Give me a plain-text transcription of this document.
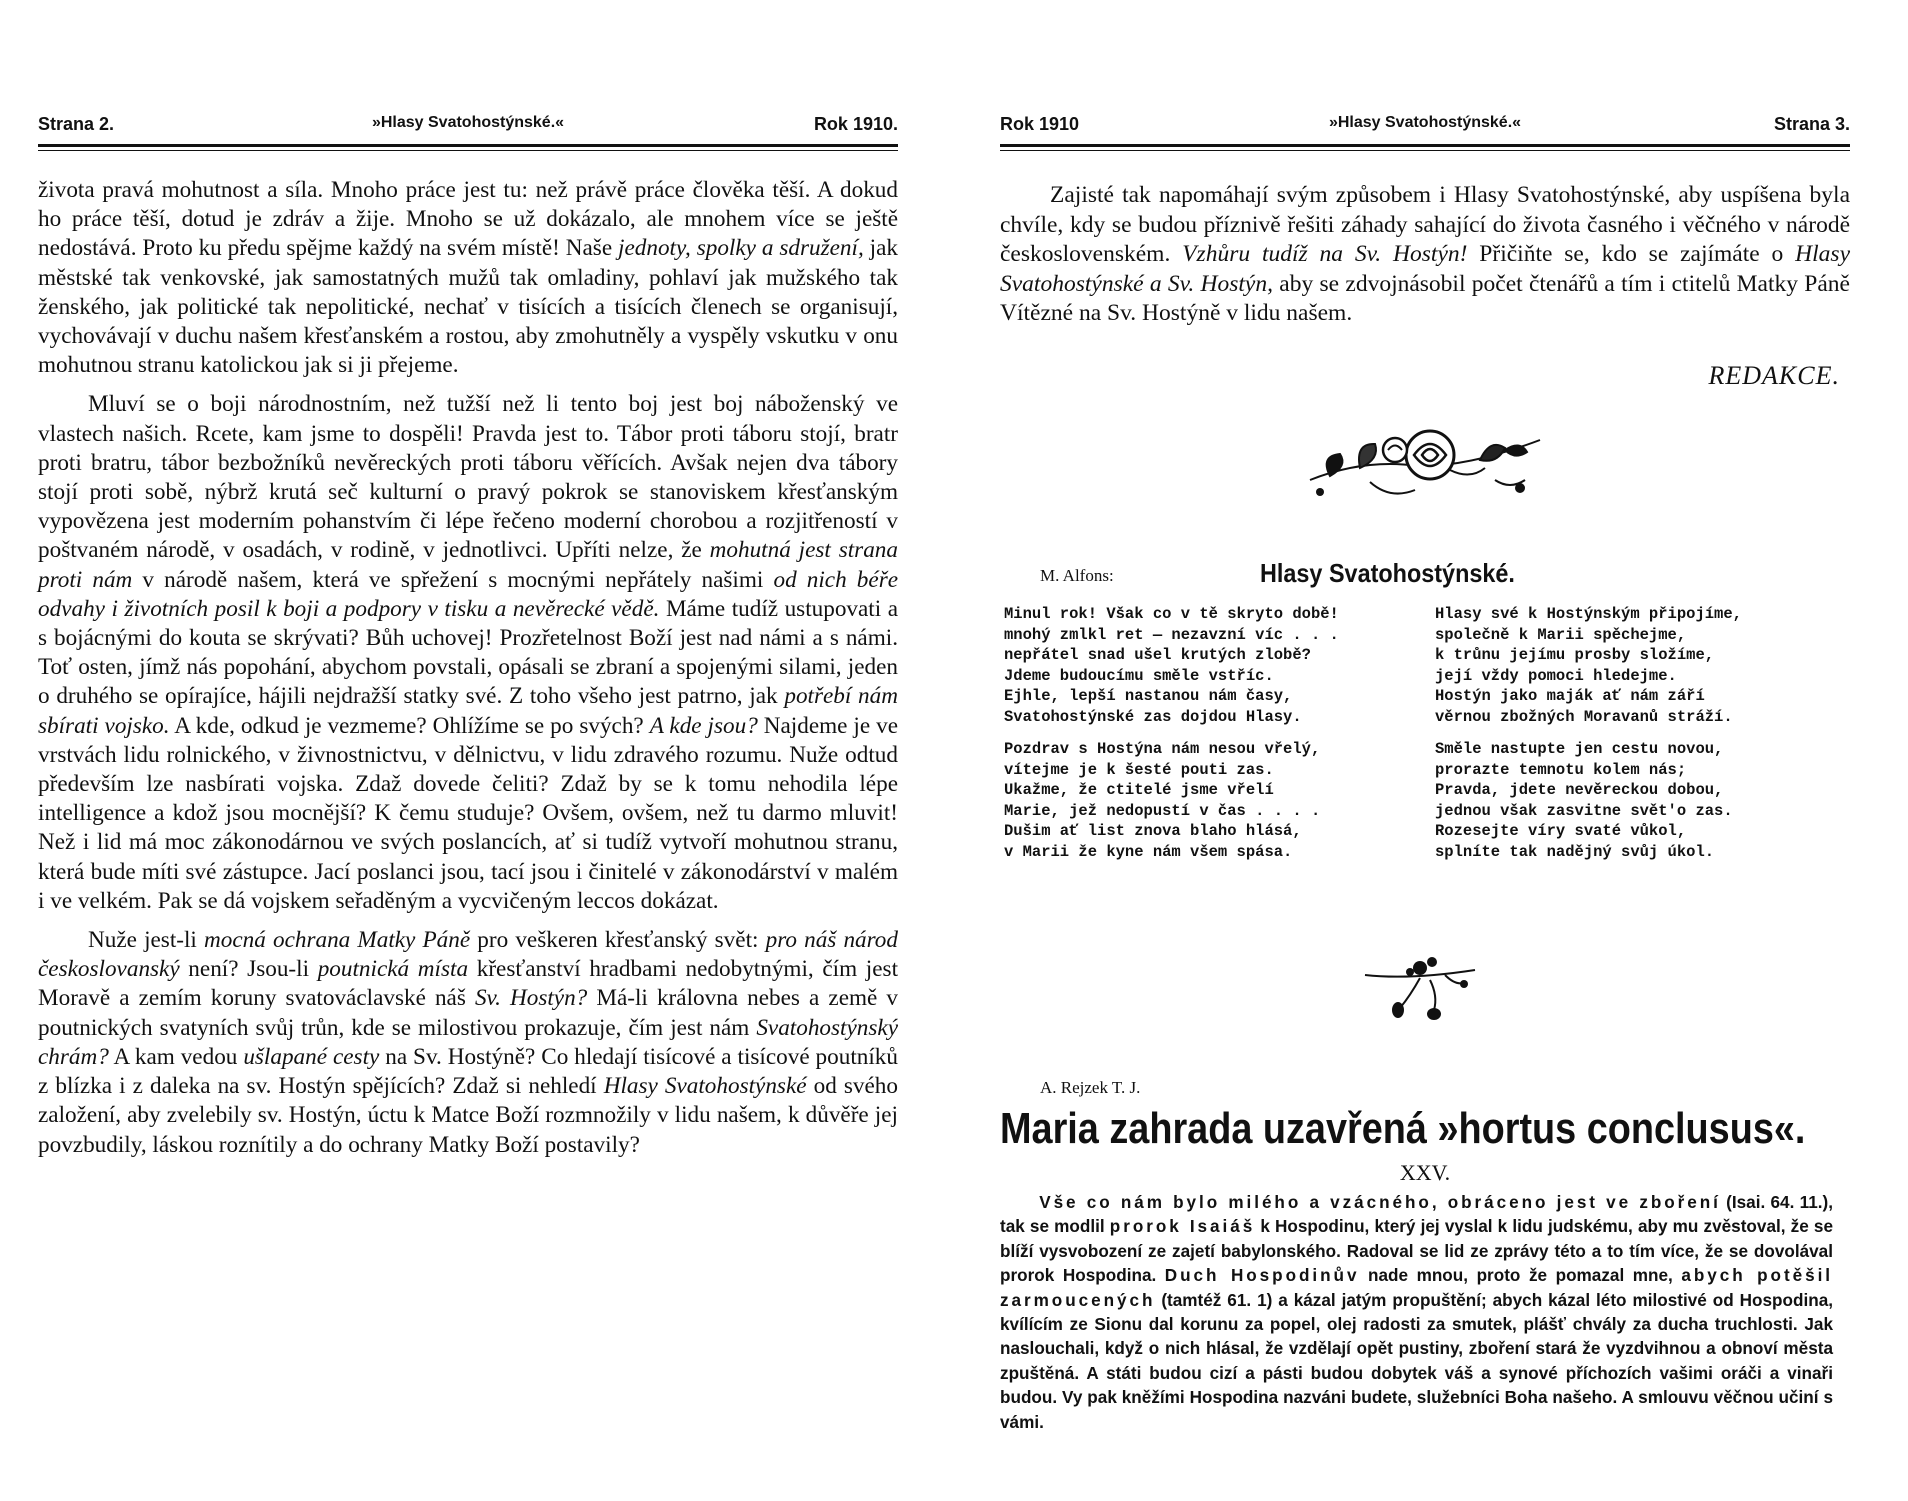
Strana 2.	»Hlasy Svatohostýnské.«	Rok 1910.

života pravá mohutnost a síla. Mnoho práce jest tu: než právě práce člověka těší. A dokud ho práce těší, dotud je zdráv a žije. Mnoho se už dokázalo, ale mnohem více se ještě nedostává. Proto ku předu spějme každý na svém místě! Naše jednoty, spolky a sdružení, jak městské tak venkovské, jak samostatných mužů tak omladiny, pohlaví jak mužského tak ženského, jak politické tak nepolitické, nechať v tisících a tisících členech se organisují, vychovávají v duchu našem křesťanském a rostou, aby zmohutněly a vyspěly vskutku v onu mohutnou stranu katolickou jak si ji přejeme.

Mluví se o boji národnostním, než tužší než li tento boj jest boj náboženský ve vlastech našich. Rcete, kam jsme to dospěli! Pravda jest to. Tábor proti táboru stojí, bratr proti bratru, tábor bezbožníků nevěreckých proti táboru věřících. Avšak nejen dva tábory stojí proti sobě, nýbrž krutá seč kulturní o pravý pokrok se stanoviskem křesťanským vypovězena jest moderním pohanstvím či lépe řečeno moderní chorobou a rozjitřeností v poštvaném národě, v osadách, v rodině, v jednotlivci. Upříti nelze, že mohutná jest strana proti nám v národě našem, která ve spřežení s mocnými nepřátely našimi od nich béře odvahy i životních posil k boji a podpory v tisku a nevěrecké vědě. Máme tudíž ustupovati a s bojácnými do kouta se skrývati? Bůh uchovej! Prozřetelnost Boží jest nad námi a s námi. Toť osten, jímž nás popohání, abychom povstali, opásali se zbraní a spojenými silami, jeden o druhého se opírajíce, hájili nejdražší statky své. Z toho všeho jest patrno, jak potřebí nám sbírati vojsko. A kde, odkud je vezmeme? Ohlížíme se po svých? A kde jsou? Najdeme je ve vrstvách lidu rolnického, v živnostnictvu, v dělnictvu, v lidu zdravého rozumu. Nuže odtud především lze nasbírati vojska. Zdaž dovede čeliti? Zdaž by se k tomu nehodila lépe intelligence a kdož jsou mocnější? K čemu studuje? Ovšem, ovšem, než tu darmo mluvit! Než i lid má moc zákonodárnou ve svých poslancích, ať si tudíž vytvoří mohutnou stranu, která bude míti své zástupce. Jací poslanci jsou, tací jsou i činitelé v zákonodárství v malém i ve velkém. Pak se dá vojskem seřaděným a vycvičeným leccos dokázat.

Nuže jest-li mocná ochrana Matky Páně pro veškeren křesťanský svět: pro náš národ českoslovanský není? Jsou-li poutnická místa křesťanství hradbami nedobytnými, čím jest Moravě a zemím koruny svatováclavské náš Sv. Hostýn? Má-li královna nebes a země v poutnických svatyních svůj trůn, kde se milostivou prokazuje, čím jest nám Svatohostýnský chrám? A kam vedou ušlapané cesty na Sv. Hostýně? Co hledají tisícové a tisícové poutníků z blízka i z daleka na sv. Hostýn spějících? Zdaž si nehledí Hlasy Svatohostýnské od svého založení, aby zvelebily sv. Hostýn, úctu k Matce Boží rozmnožily v lidu našem, k důvěře jej povzbudily, láskou roznítily a do ochrany Matky Boží postavily?

Rok 1910	»Hlasy Svatohostýnské.«	Strana 3.

Zajisté tak napomáhají svým způsobem i Hlasy Svatohostýnské, aby uspíšena byla chvíle, kdy se budou příznivě řešiti záhady sahající do života časného i věčného v národě československém. Vzhůru tudíž na Sv. Hostýn! Přičiňte se, kdo se zajímáte o Hlasy Svatohostýnské a Sv. Hostýn, aby se zdvojnásobil počet čtenářů a tím i ctitelů Matky Páně Vítězné na Sv. Hostýně v lidu našem.

REDAKCE.
M. Alfons:	Hlasy Svatohostýnské.
Minul rok! Však co v tě skryto době!
mnohý zmlkl ret — nezavzní víc . . .
nepřátel snad ušel krutých zlobě?
Jdeme budoucímu směle vstříc.
Ejhle, lepší nastanou nám časy,
Svatohostýnské zas dojdou Hlasy.
Pozdrav s Hostýna nám nesou vřelý,
vítejme je k šesté pouti zas.
Ukažme, že ctitelé jsme vřelí
Marie, jež nedopustí v čas . . . .
Dušim ať list znova blaho hlásá,
v Marii že kyne nám všem spása.
Hlasy své k Hostýnským připojíme,
společně k Marii spěchejme,
k trůnu jejímu prosby složíme,
její vždy pomoci hledejme.
Hostýn jako maják ať nám září
věrnou zbožných Moravanů stráží.
Směle nastupte jen cestu novou,
prorazte temnotu kolem nás;
Pravda, jdete nevěreckou dobou,
jednou však zasvitne svět'o zas.
Rozesejte víry svaté vůkol,
splníte tak nadějný svůj úkol.
A. Rejzek T. J.
Maria zahrada uzavřená »hortus conclusus«.
XXV.

Vše co nám bylo milého a vzácného, obráceno jest ve zboření (Isai. 64. 11.), tak se modlil prorok Isaiáš k Hospodinu, který jej vyslal k lidu judskému, aby mu zvěstoval, že se blíží vysvobození ze zajetí babylonského. Radoval se lid ze zprávy této a to tím více, že se dovolával prorok Hospodina. Duch Hospodinův nade mnou, proto že pomazal mne, abych potěšil zarmoucených (tamtéž 61. 1) a kázal jatým propuštění; abych kázal léto milostivé od Hospodina, kvílícím ze Sionu dal korunu za popel, olej radosti za smutek, plášť chvály za ducha truchlosti. Jak naslouchali, když o nich hlásal, že vzdělají opět pustiny, zboření stará že vyzdvihnou a obnoví města zpuštěná. A státi budou cizí a pásti budou dobytek váš a synové příchozích vašimi oráči a vinaři budou. Vy pak kněžími Hospodina nazváni budete, služebníci Boha našeho. A smlouvu věčnou učiní s vámi.
